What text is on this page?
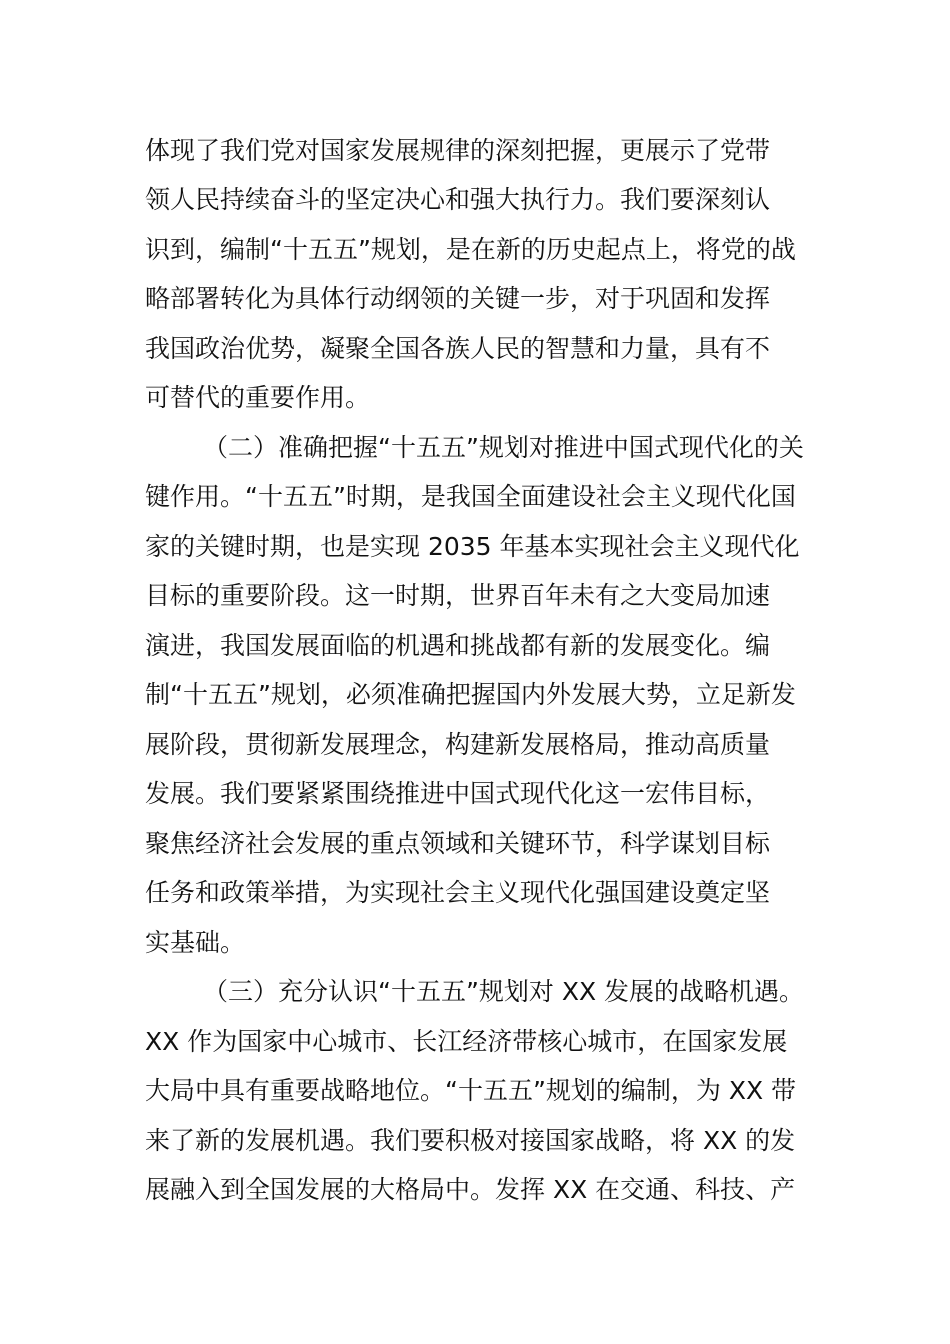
体现了我们党对国家发展规律的深刻把握，更展示了党带
领人民持续奋斗的坚定决心和强大执行力。我们要深刻认
识到，编制“十五五”规划，是在新的历史起点上，将党的战
略部署转化为具体行动纲领的关键一步，对于巩固和发挥
我国政治优势，凝聚全国各族人民的智慧和力量，具有不
可替代的重要作用。
（二）准确把握“十五五”规划对推进中国式现代化的关
键作用。“十五五”时期，是我国全面建设社会主义现代化国
家的关键时期，也是实现 2035 年基本实现社会主义现代化
目标的重要阶段。这一时期，世界百年未有之大变局加速
演进，我国发展面临的机遇和挑战都有新的发展变化。编
制“十五五”规划，必须准确把握国内外发展大势，立足新发
展阶段，贯彻新发展理念，构建新发展格局，推动高质量
发展。我们要紧紧围绕推进中国式现代化这一宏伟目标，
聚焦经济社会发展的重点领域和关键环节，科学谋划目标
任务和政策举措，为实现社会主义现代化强国建设奠定坚
实基础。
（三）充分认识“十五五”规划对 XX 发展的战略机遇。
XX 作为国家中心城市、长江经济带核心城市，在国家发展
大局中具有重要战略地位。“十五五”规划的编制，为 XX 带
来了新的发展机遇。我们要积极对接国家战略，将 XX 的发
展融入到全国发展的大格局中。发挥 XX 在交通、科技、产
